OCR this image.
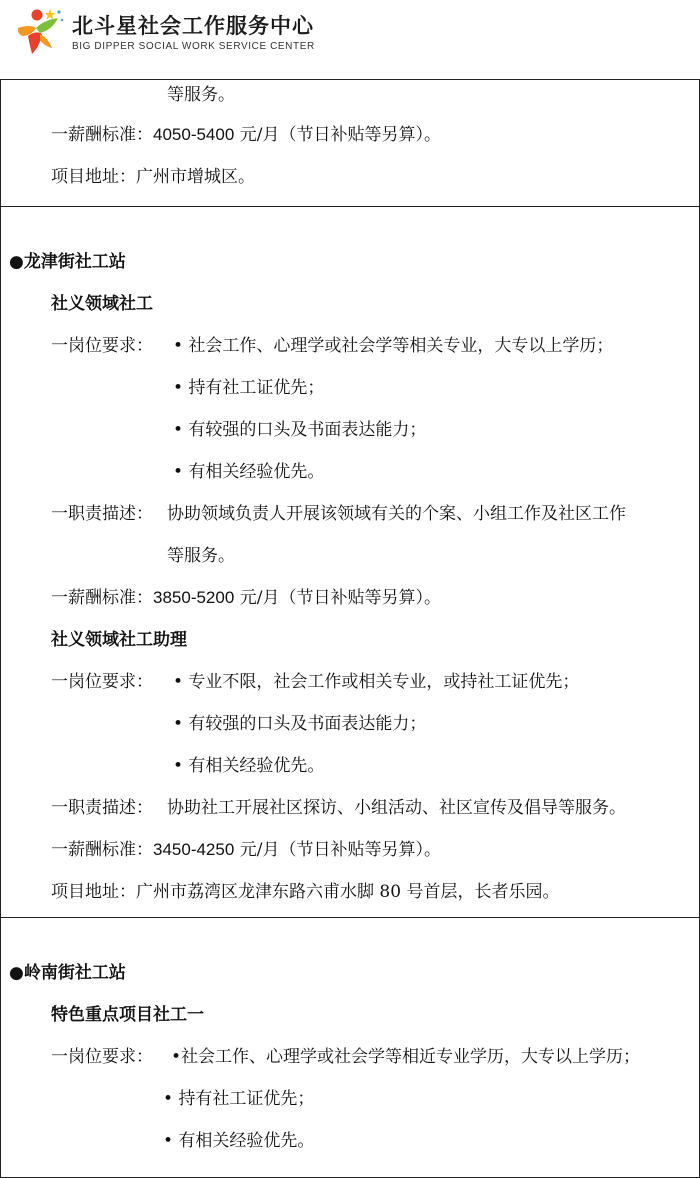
北斗星社会工作服务中心
BIG DIPPER SOCIAL WORK SERVICE CENTER
等服务。
一薪酬标准：4050-5400 元/月（节日补贴等另算）。
项目地址：广州市增城区。
●龙津街社工站
社义领域社工
一岗位要求： • 社会工作、心理学或社会学等相关专业，大专以上学历；
• 持有社工证优先；
• 有较强的口头及书面表达能力；
• 有相关经验优先。
一职责描述： 协助领域负责人开展该领域有关的个案、小组工作及社区工作
等服务。
一薪酬标准：3850-5200 元/月（节日补贴等另算）。
社义领域社工助理
一岗位要求： • 专业不限，社会工作或相关专业，或持社工证优先；
• 有较强的口头及书面表达能力；
• 有相关经验优先。
一职责描述： 协助社工开展社区探访、小组活动、社区宣传及倡导等服务。
一薪酬标准：3450-4250 元/月（节日补贴等另算）。
项目地址：广州市荔湾区龙津东路六甫水脚 80 号首层，长者乐园。
●岭南街社工站
特色重点项目社工一
一岗位要求： •社会工作、心理学或社会学等相近专业学历，大专以上学历；
• 持有社工证优先；
• 有相关经验优先。
